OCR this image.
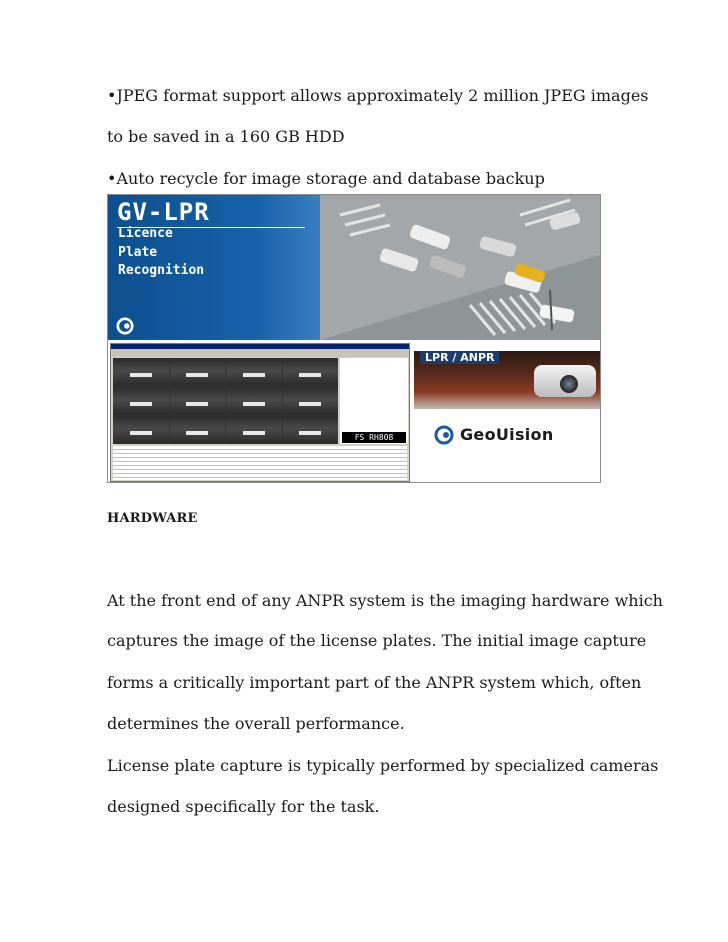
•JPEG format support allows approximately 2 million JPEG images
to be saved in a 160 GB HDD
•Auto recycle for image storage and database backup
GV-LPR
Licence
Plate
Recognition
FS RH808
LPR / ANPR
GeoUision
HARDWARE
At the front end of any ANPR system is the imaging hardware which
captures the image of the license plates. The initial image capture
forms a critically important part of the ANPR system which, often
determines the overall performance.
License plate capture is typically performed by specialized cameras
designed specifically for the task.
